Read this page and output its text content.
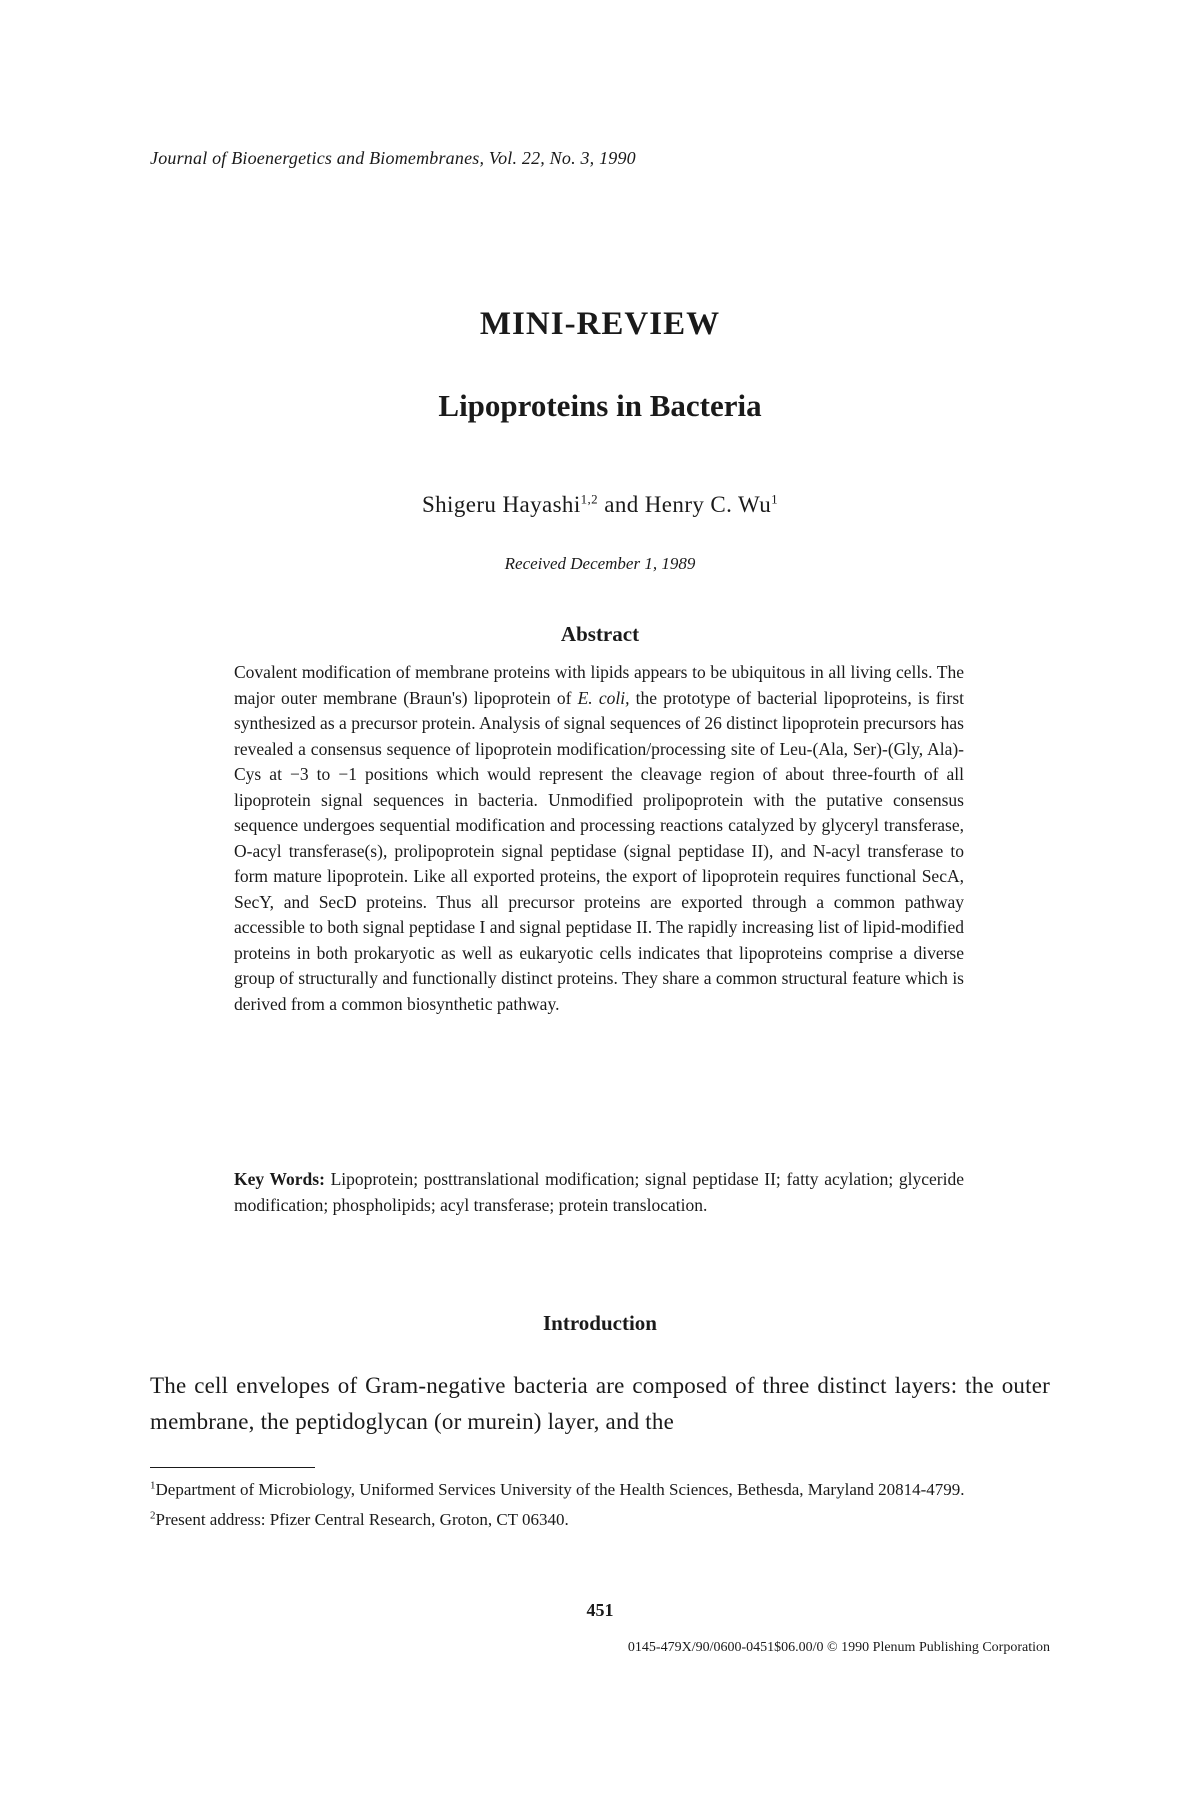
Journal of Bioenergetics and Biomembranes, Vol. 22, No. 3, 1990
MINI-REVIEW
Lipoproteins in Bacteria
Shigeru Hayashi$^{1,2}$ and Henry C. Wu$^1$
Received December 1, 1989
Abstract

Covalent modification of membrane proteins with lipids appears to be ubiquitous in all living cells. The major outer membrane (Braun's) lipoprotein of E. coli, the prototype of bacterial lipoproteins, is first synthesized as a precursor protein. Analysis of signal sequences of 26 distinct lipoprotein precursors has revealed a consensus sequence of lipoprotein modification/processing site of Leu-(Ala, Ser)-(Gly, Ala)-Cys at −3 to −1 positions which would represent the cleavage region of about three-fourth of all lipoprotein signal sequences in bacteria. Unmodified prolipoprotein with the putative consensus sequence undergoes sequential modification and processing reactions catalyzed by glyceryl transferase, O-acyl transferase(s), prolipoprotein signal peptidase (signal peptidase II), and N-acyl transferase to form mature lipoprotein. Like all exported proteins, the export of lipoprotein requires functional SecA, SecY, and SecD proteins. Thus all precursor proteins are exported through a common pathway accessible to both signal peptidase I and signal peptidase II. The rapidly increasing list of lipid-modified proteins in both prokaryotic as well as eukaryotic cells indicates that lipoproteins comprise a diverse group of structurally and functionally distinct proteins. They share a common structural feature which is derived from a common biosynthetic pathway.

Key Words: Lipoprotein; posttranslational modification; signal peptidase II; fatty acylation; glyceride modification; phospholipids; acyl transferase; protein translocation.

Introduction

The cell envelopes of Gram-negative bacteria are composed of three distinct layers: the outer membrane, the peptidoglycan (or murein) layer, and the

$^1$Department of Microbiology, Uniformed Services University of the Health Sciences, Bethesda, Maryland 20814-4799.

$^2$Present address: Pfizer Central Research, Groton, CT 06340.

451
0145-479X/90/0600-0451$06.00/0 © 1990 Plenum Publishing Corporation
